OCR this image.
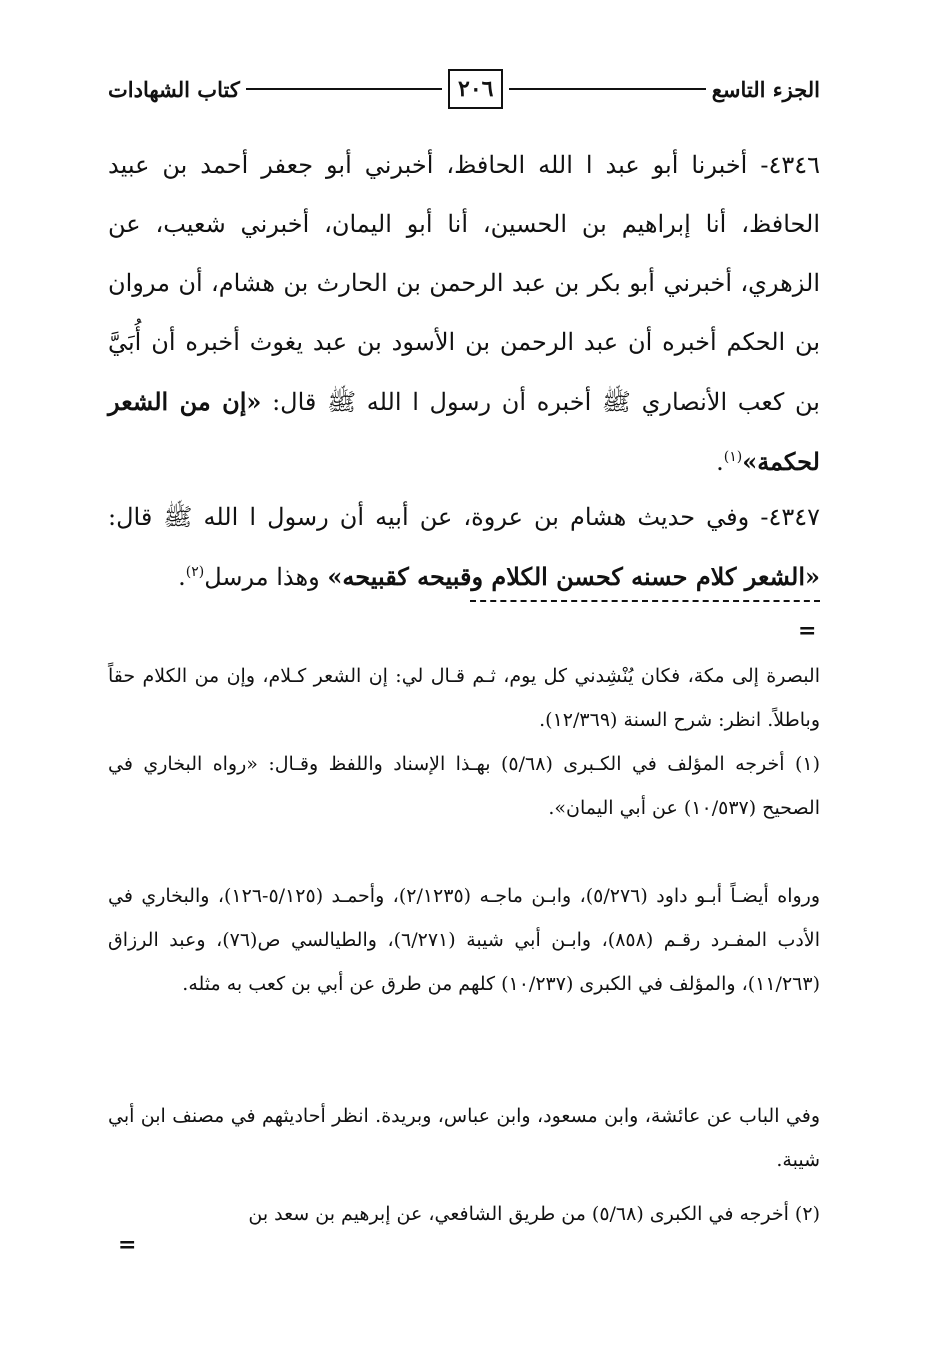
الجزء التاسع
٢٠٦
كتاب الشهادات

٤٣٤٦- أخبرنا أبو عبد ا الله الحافظ، أخبرني أبو جعفر أحمد بن عبيد الحافظ، أنا إبراهيم بن الحسين، أنا أبو اليمان، أخبرني شعيب، عن الزهري، أخبرني أبو بكر بن عبد الرحمن بن الحارث بن هشام، أن مروان بن الحكم أخبره أن عبد الرحمن بن الأسود بن عبد يغوث أخبره أن أُبَيَّ بن كعب الأنصاري ﷺ أخبره أن رسول ا الله ﷺ قال: «إن من الشعر لحكمة»$^{(١)}$.

٤٣٤٧- وفي حديث هشام بن عروة، عن أبيه أن رسول ا الله ﷺ قال: «الشعر كلام حسنه كحسن الكلام وقبيحه كقبيحه» وهذا مرسل$^{(٢)}$.

=

البصرة إلى مكة، فكان يُنْشِدني كل يوم، ثـم قـال لي: إن الشعر كـلام، وإن من الكلام حقاً وباطلاً. انظر: شرح السنة (١٢/٣٦٩).

(١) أخرجه المؤلف في الكـبرى (٥/٦٨) بهـذا الإسناد واللفظ وقـال: «رواه البخاري في الصحيح (١٠/٥٣٧) عن أبي اليمان».

ورواه أيضـاً أبـو داود (٥/٢٧٦)، وابـن ماجـه (٢/١٢٣٥)، وأحمـد (٥/١٢٥-١٢٦)، والبخاري في الأدب المفـرد رقـم (٨٥٨)، وابـن أبي شيبة (٦/٢٧١)، والطيالسي ص(٧٦)، وعبد الرزاق (١١/٢٦٣)، والمؤلف في الكبرى (١٠/٢٣٧) كلهم من طرق عن أبي بن كعب به مثله.

وفي الباب عن عائشة، وابن مسعود، وابن عباس، وبريدة. انظر أحاديثهم في مصنف ابن أبي شيبة.

(٢) أخرجه في الكبرى (٥/٦٨) من طريق الشافعي، عن إبرهيم بن سعد بن

=
